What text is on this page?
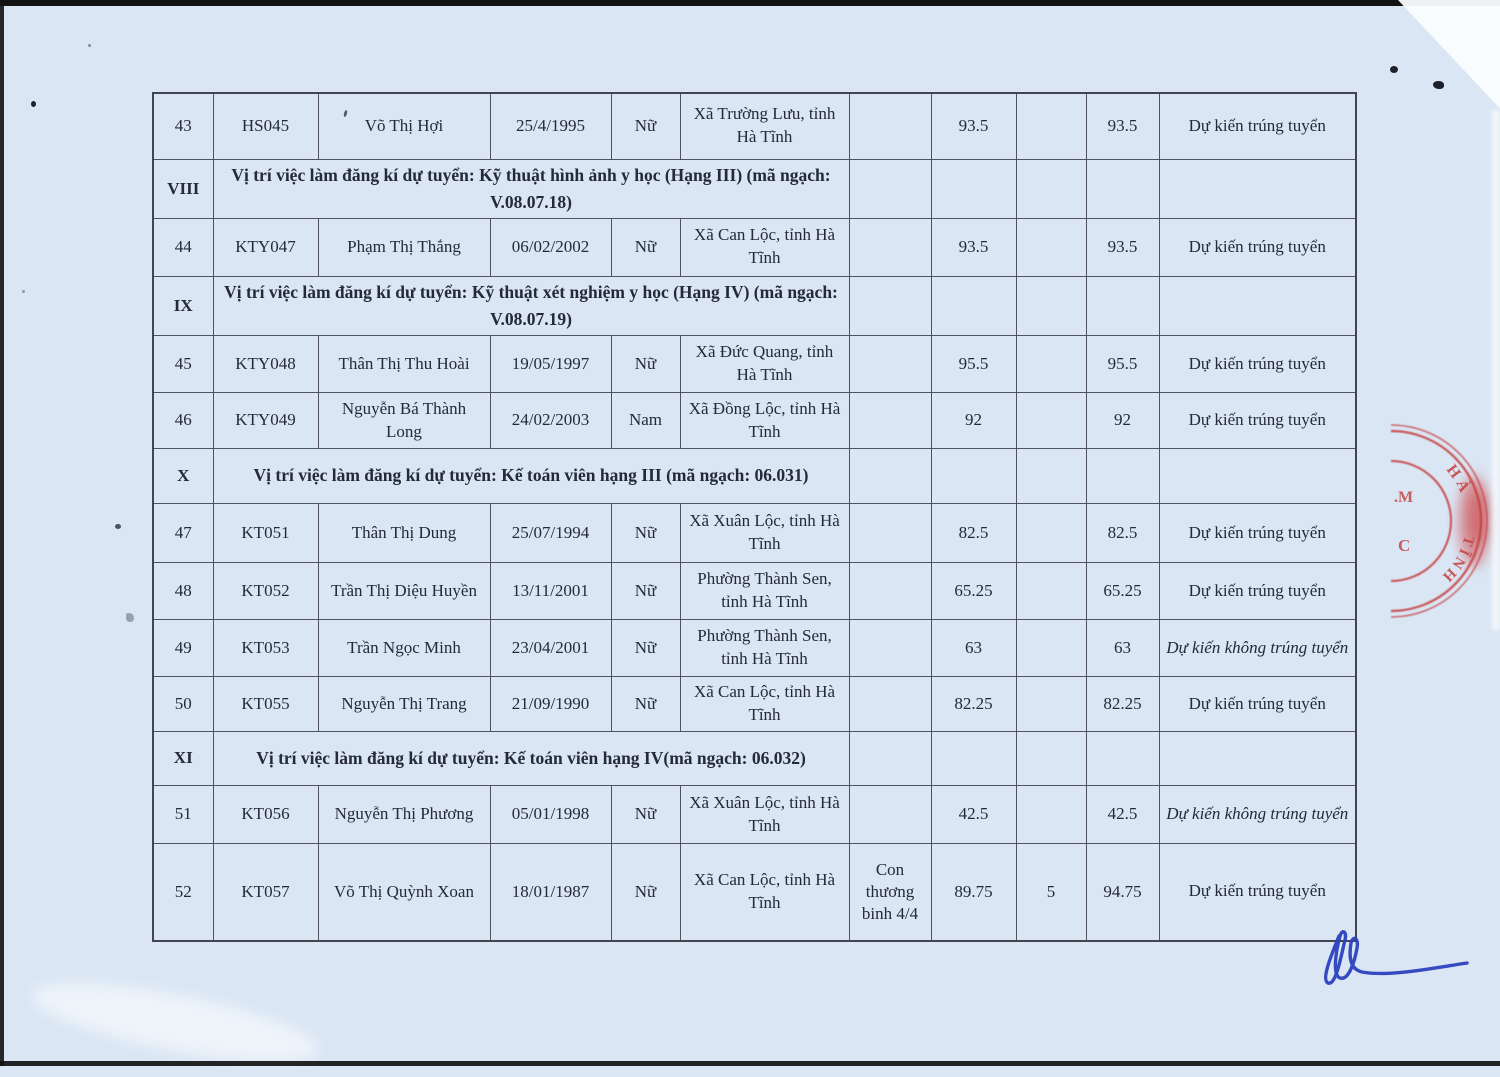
43	HS045	Võ Thị Hợi	25/4/1995	Nữ	Xã Trường Lưu, tỉnh Hà Tĩnh		93.5		93.5	Dự kiến trúng tuyển
VIII	Vị trí việc làm đăng kí dự tuyển: Kỹ thuật hình ảnh y học (Hạng III) (mã ngạch: V.08.07.18)									
44	KTY047	Phạm Thị Thắng	06/02/2002	Nữ	Xã Can Lộc, tỉnh Hà Tĩnh		93.5		93.5	Dự kiến trúng tuyển
IX	Vị trí việc làm đăng kí dự tuyển: Kỹ thuật xét nghiệm y học (Hạng IV) (mã ngạch: V.08.07.19)									
45	KTY048	Thân Thị Thu Hoài	19/05/1997	Nữ	Xã Đức Quang, tỉnh Hà Tĩnh		95.5		95.5	Dự kiến trúng tuyển
46	KTY049	Nguyễn Bá Thành Long	24/02/2003	Nam	Xã Đồng Lộc, tỉnh Hà Tĩnh		92		92	Dự kiến trúng tuyển
X	Vị trí việc làm đăng kí dự tuyển: Kế toán viên hạng III (mã ngạch: 06.031)									
47	KT051	Thân Thị Dung	25/07/1994	Nữ	Xã Xuân Lộc, tỉnh Hà Tĩnh		82.5		82.5	Dự kiến trúng tuyển
48	KT052	Trần Thị Diệu Huyền	13/11/2001	Nữ	Phường Thành Sen, tỉnh Hà Tĩnh		65.25		65.25	Dự kiến trúng tuyển
49	KT053	Trần Ngọc Minh	23/04/2001	Nữ	Phường Thành Sen, tỉnh Hà Tĩnh		63		63	Dự kiến không trúng tuyển
50	KT055	Nguyễn Thị Trang	21/09/1990	Nữ	Xã Can Lộc, tỉnh Hà Tĩnh		82.25		82.25	Dự kiến trúng tuyển
XI	Vị trí việc làm đăng kí dự tuyển: Kế toán viên hạng IV(mã ngạch: 06.032)									
51	KT056	Nguyễn Thị Phương	05/01/1998	Nữ	Xã Xuân Lộc, tỉnh Hà Tĩnh		42.5		42.5	Dự kiến không trúng tuyển
52	KT057	Võ Thị Quỳnh Xoan	18/01/1987	Nữ	Xã Can Lộc, tỉnh Hà Tĩnh	Con thương binh 4/4	89.75	5	94.75	Dự kiến trúng tuyển
HÀ
TĨNH
.M
C
